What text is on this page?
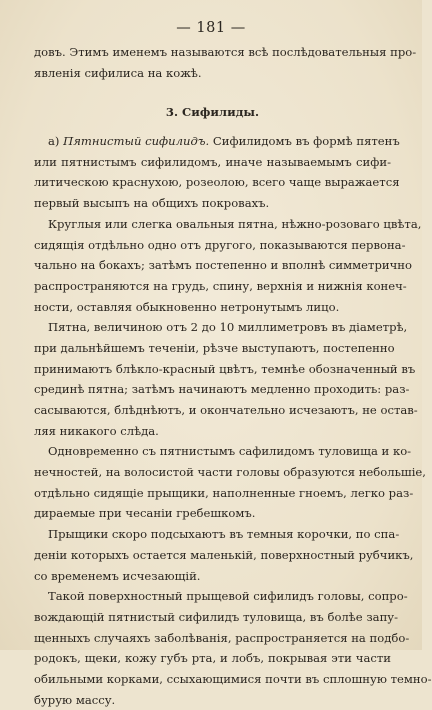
— 181 —
довъ. Этимъ именемъ называются всѣ послѣдовательныя про-
явленія сифилиса на кожѣ.
3. Сифилиды.
а) Пятнистый сифилидъ. Сифилидомъ въ формѣ пятенъ
или пятнистымъ сифилидомъ, иначе называемымъ сифи-
литическою краснухою, розеолою, всего чаще выражается
первый высыпъ на общихъ покровахъ.
Круглыя или слегка овальныя пятна, нѣжно-розоваго цвѣта,
сидящія отдѣльно одно отъ другого, показываются первона-
чально на бокахъ; затѣмъ постепенно и вполнѣ симметрично
распространяются на грудь, спину, верхнія и нижнія конеч-
ности, оставляя обыкновенно нетронутымъ лицо.
Пятна, величиною отъ 2 до 10 миллиметровъ въ діаметрѣ,
при дальнѣйшемъ теченіи, рѣзче выступаютъ, постепенно
принимаютъ блѣкло-красный цвѣтъ, темнѣе обозначенный въ
срединѣ пятна; затѣмъ начинаютъ медленно проходить: раз-
сасываются, блѣднѣютъ, и окончательно исчезаютъ, не остав-
ляя никакого слѣда.
Одновременно съ пятнистымъ сафилидомъ туловища и ко-
нечностей, на волосистой части головы образуются небольшіе,
отдѣльно сидящіе прыщики, наполненные гноемъ, легко раз-
дираемые при чесаніи гребешкомъ.
Прыщики скоро подсыхаютъ въ темныя корочки, по спа-
деніи которыхъ остается маленькій, поверхностный рубчикъ,
со временемъ исчезающій.
Такой поверхностный прыщевой сифилидъ головы, сопро-
вождающій пятнистый сифилидъ туловища, въ болѣе запу-
щенныхъ случаяхъ заболѣванія, распространяется на подбо-
родокъ, щеки, кожу губъ рта, и лобъ, покрывая эти части
обильными корками, ссыхающимися почти въ сплошную темно-
бурую массу.
